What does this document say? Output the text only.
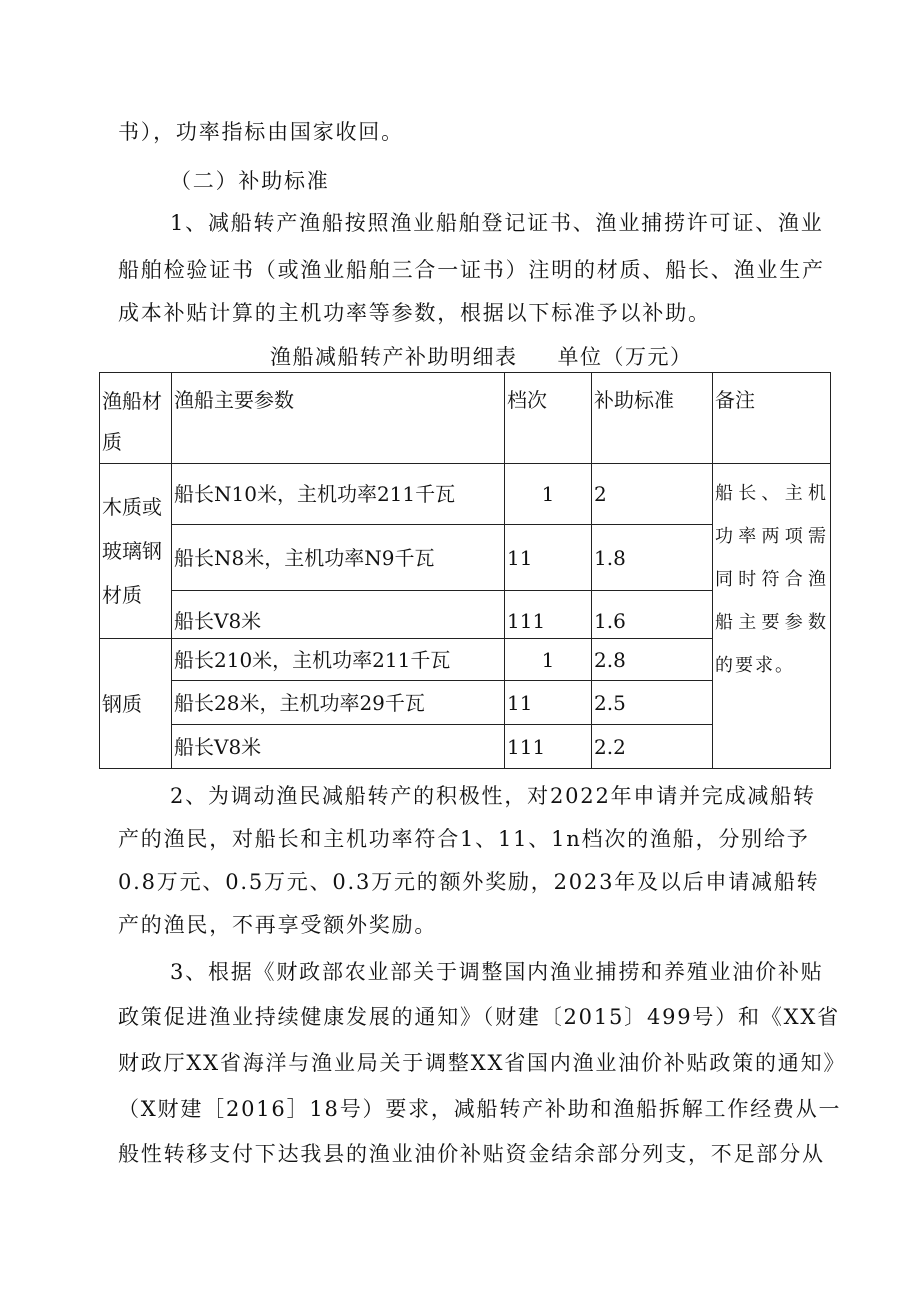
书），功率指标由国家收回。
（二）补助标准
1、减船转产渔船按照渔业船舶登记证书、渔业捕捞许可证、渔业
船舶检验证书（或渔业船舶三合一证书）注明的材质、船长、渔业生产
成本补贴计算的主机功率等参数，根据以下标准予以补助。
渔船减船转产补助明细表 单位（万元）
渔船材质	渔船主要参数	档次	补助标准	备注
木质或玻璃钢材质	船长N10米，主机功率211千瓦	1	2	船长、主机功率两项需同时符合渔船主要参数的要求。
	船长N8米，主机功率N9千瓦	11	1.8	
	船长V8米	111	1.6	
钢质	船长210米，主机功率211千瓦	1	2.8	
	船长28米，主机功率29千瓦	11	2.5	
	船长V8米	111	2.2	
2、为调动渔民减船转产的积极性，对2022年申请并完成减船转
产的渔民，对船长和主机功率符合1、11、1n档次的渔船，分别给予
0.8万元、0.5万元、0.3万元的额外奖励，2023年及以后申请减船转
产的渔民，不再享受额外奖励。
3、根据《财政部农业部关于调整国内渔业捕捞和养殖业油价补贴
政策促进渔业持续健康发展的通知》（财建〔2015〕499号）和《XX省
财政厅XX省海洋与渔业局关于调整XX省国内渔业油价补贴政策的通知》
（X财建［2016］18号）要求，减船转产补助和渔船拆解工作经费从一
般性转移支付下达我县的渔业油价补贴资金结余部分列支，不足部分从
